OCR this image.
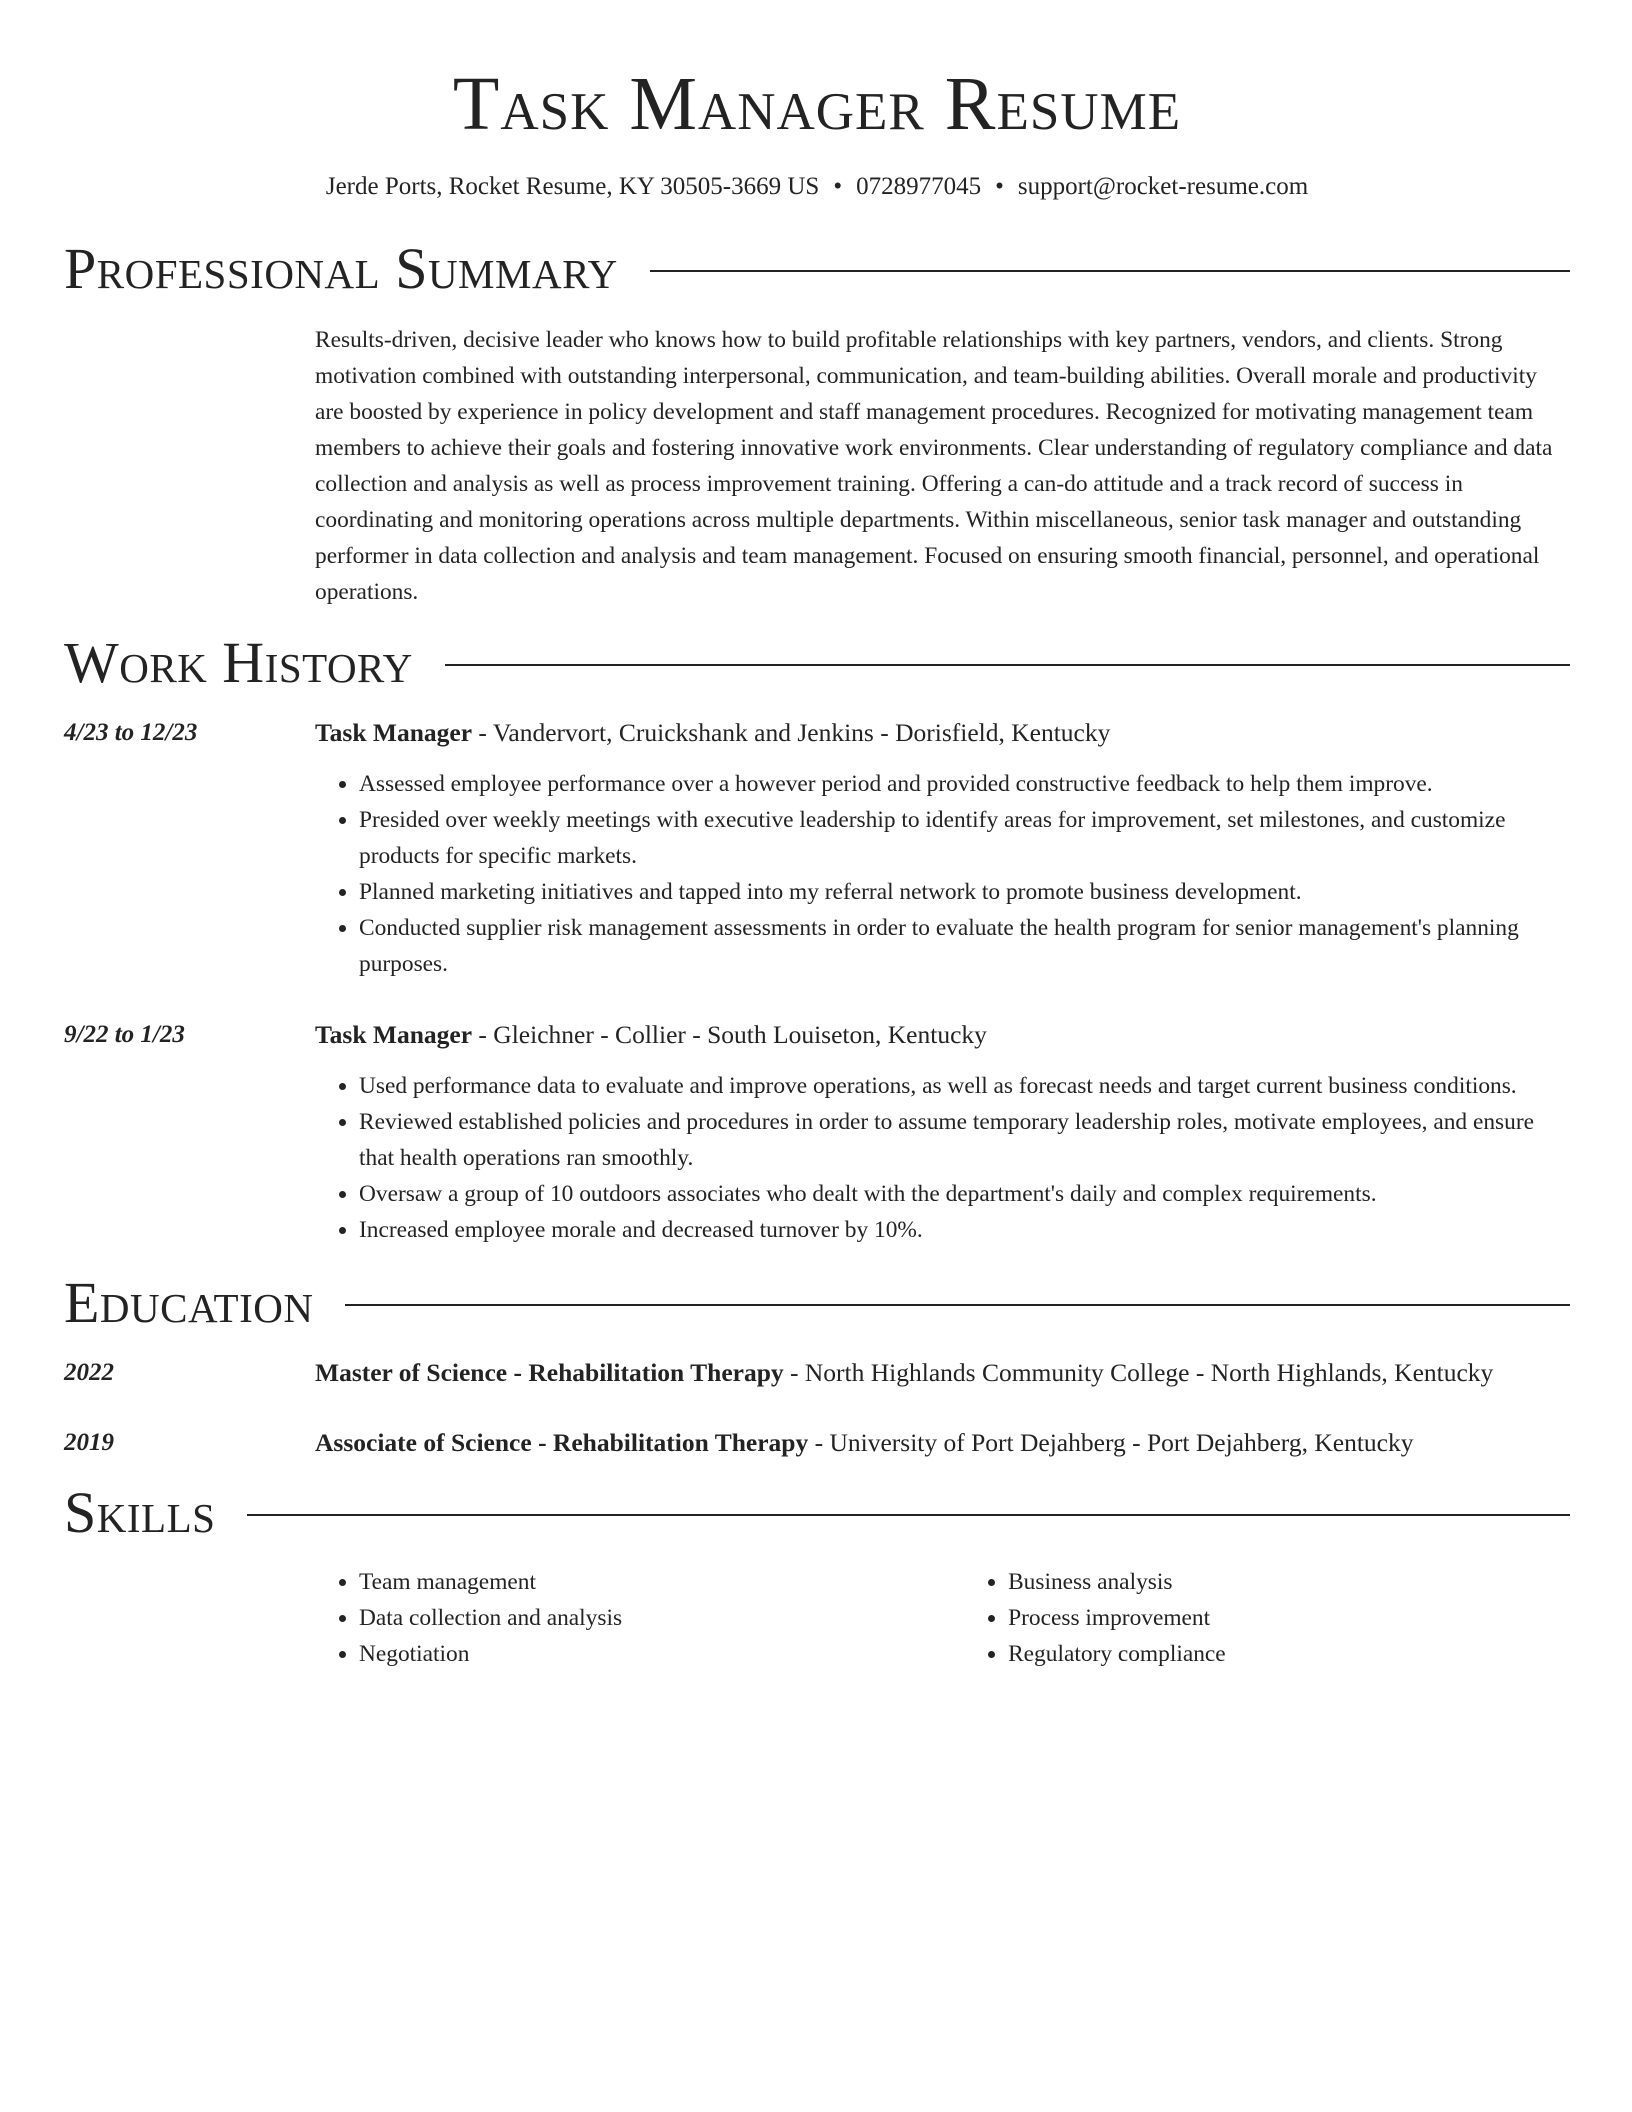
Task Manager Resume
Jerde Ports, Rocket Resume, KY 30505-3669 US • 0728977045 • support@rocket-resume.com
Professional Summary

Results-driven, decisive leader who knows how to build profitable relationships with key partners, vendors, and clients. Strong motivation combined with outstanding interpersonal, communication, and team-building abilities. Overall morale and productivity are boosted by experience in policy development and staff management procedures. Recognized for motivating management team members to achieve their goals and fostering innovative work environments. Clear understanding of regulatory compliance and data collection and analysis as well as process improvement training. Offering a can-do attitude and a track record of success in coordinating and monitoring operations across multiple departments. Within miscellaneous, senior task manager and outstanding performer in data collection and analysis and team management. Focused on ensuring smooth financial, personnel, and operational operations.

Work History
4/23 to 12/23	Task Manager - Vandervort, Cruickshank and Jenkins - Dorisfield, Kentucky
• Assessed employee performance over a however period and provided constructive feedback to help them improve.
• Presided over weekly meetings with executive leadership to identify areas for improvement, set milestones, and customize products for specific markets.
• Planned marketing initiatives and tapped into my referral network to promote business development.
• Conducted supplier risk management assessments in order to evaluate the health program for senior management's planning purposes.
9/22 to 1/23	Task Manager - Gleichner - Collier - South Louiseton, Kentucky
• Used performance data to evaluate and improve operations, as well as forecast needs and target current business conditions.
• Reviewed established policies and procedures in order to assume temporary leadership roles, motivate employees, and ensure that health operations ran smoothly.
• Oversaw a group of 10 outdoors associates who dealt with the department's daily and complex requirements.
• Increased employee morale and decreased turnover by 10%.
Education
2022	Master of Science - Rehabilitation Therapy - North Highlands Community College - North Highlands, Kentucky
2019	Associate of Science - Rehabilitation Therapy - University of Port Dejahberg - Port Dejahberg, Kentucky
Skills
• Team management
• Data collection and analysis
• Negotiation
• Business analysis
• Process improvement
• Regulatory compliance
